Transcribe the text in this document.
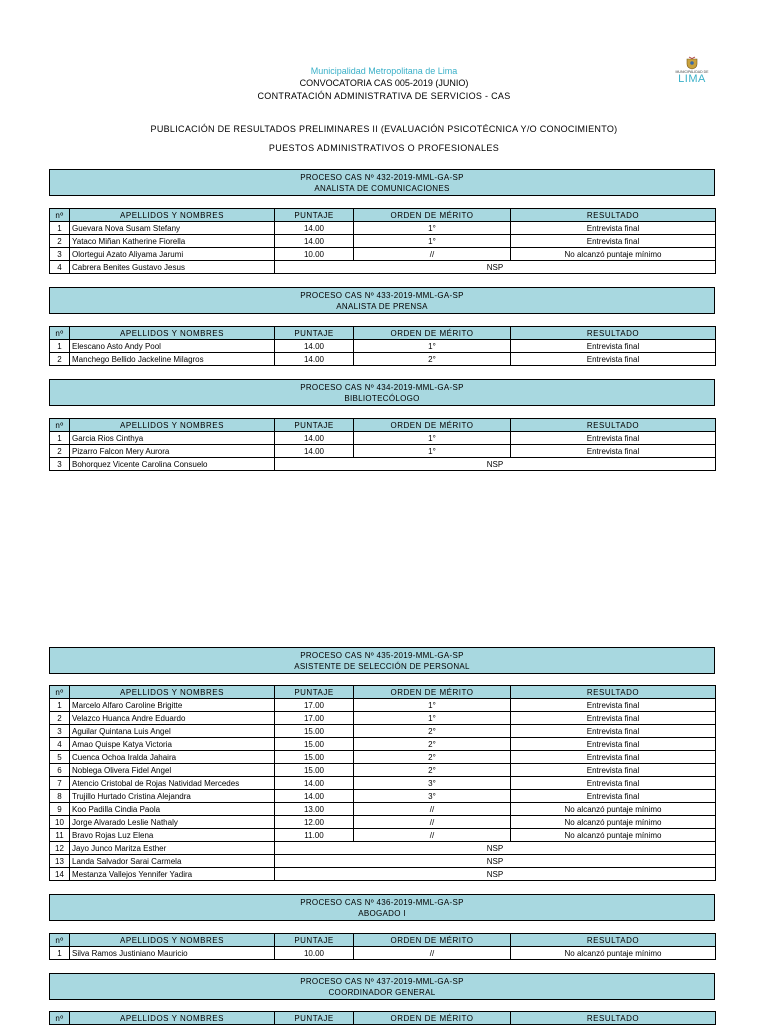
Municipalidad Metropolitana de Lima
CONVOCATORIA CAS 005-2019 (JUNIO)
CONTRATACIÓN ADMINISTRATIVA DE SERVICIOS - CAS
PUBLICACIÓN DE RESULTADOS PRELIMINARES II (EVALUACIÓN PSICOTÉCNICA Y/O CONOCIMIENTO)
PUESTOS ADMINISTRATIVOS O PROFESIONALES
MUNICIPALIDAD DE
LIMA
PROCESO CAS Nº 432-2019-MML-GA-SP
ANALISTA DE COMUNICACIONES
nº	APELLIDOS Y NOMBRES	PUNTAJE	ORDEN DE MÉRITO	RESULTADO
1	Guevara Nova Susam Stefany	14.00	1°	Entrevista final
2	Yataco Miñan Katherine Fiorella	14.00	1°	Entrevista final
3	Olortegui Azato Aliyama Jarumi	10.00	//	No alcanzó puntaje mínimo
4	Cabrera Benites Gustavo Jesus	NSP		
PROCESO CAS Nº 433-2019-MML-GA-SP
ANALISTA DE PRENSA
nº	APELLIDOS Y NOMBRES	PUNTAJE	ORDEN DE MÉRITO	RESULTADO
1	Elescano Asto Andy Pool	14.00	1°	Entrevista final
2	Manchego Bellido Jackeline Milagros	14.00	2°	Entrevista final
PROCESO CAS Nº 434-2019-MML-GA-SP
BIBLIOTECÓLOGO
nº	APELLIDOS Y NOMBRES	PUNTAJE	ORDEN DE MÉRITO	RESULTADO
1	Garcia Rios Cinthya	14.00	1°	Entrevista final
2	Pizarro Falcon Mery Aurora	14.00	1°	Entrevista final
3	Bohorquez Vicente Carolina Consuelo	NSP		
PROCESO CAS Nº 435-2019-MML-GA-SP
ASISTENTE DE SELECCIÓN DE PERSONAL
nº	APELLIDOS Y NOMBRES	PUNTAJE	ORDEN DE MÉRITO	RESULTADO
1	Marcelo Alfaro Caroline Brigitte	17.00	1°	Entrevista final
2	Velazco Huanca Andre Eduardo	17.00	1°	Entrevista final
3	Aguilar Quintana Luis Angel	15.00	2°	Entrevista final
4	Amao Quispe Katya Victoria	15.00	2°	Entrevista final
5	Cuenca Ochoa Iralda Jahaira	15.00	2°	Entrevista final
6	Noblega Olivera Fidel Angel	15.00	2°	Entrevista final
7	Atencio Cristobal de Rojas Natividad Mercedes	14.00	3°	Entrevista final
8	Trujillo Hurtado Cristina Alejandra	14.00	3°	Entrevista final
9	Koo Padilla Cindia Paola	13.00	//	No alcanzó puntaje mínimo
10	Jorge Alvarado Leslie Nathaly	12.00	//	No alcanzó puntaje mínimo
11	Bravo Rojas Luz Elena	11.00	//	No alcanzó puntaje mínimo
12	Jayo Junco Maritza Esther	NSP		
13	Landa Salvador Sarai Carmela	NSP		
14	Mestanza Vallejos Yennifer Yadira	NSP		
PROCESO CAS Nº 436-2019-MML-GA-SP
ABOGADO I
nº	APELLIDOS Y NOMBRES	PUNTAJE	ORDEN DE MÉRITO	RESULTADO
1	Silva Ramos Justiniano Mauricio	10.00	//	No alcanzó puntaje mínimo
PROCESO CAS Nº 437-2019-MML-GA-SP
COORDINADOR GENERAL
nº	APELLIDOS Y NOMBRES	PUNTAJE	ORDEN DE MÉRITO	RESULTADO
